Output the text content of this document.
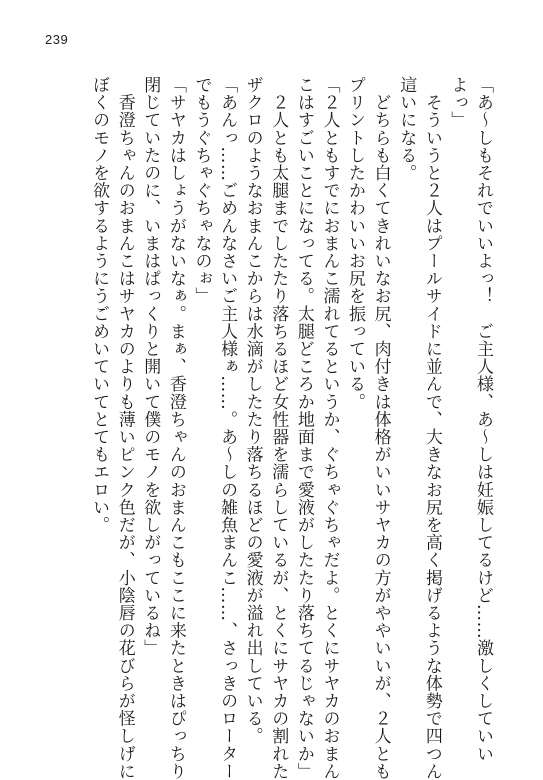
239
「あ～しもそれでいいよっ！　ご主人様、あ～しは妊娠してるけど……激しくしていい
よっ」
　そういうと２人はプールサイドに並んで、大きなお尻を高く掲げるような体勢で四つん
這いになる。
　どちらも白くてきれいなお尻、肉付きは体格がいいサヤカの方がややいいが、２人とも
プリントしたかわいいお尻を振っている。
「２人ともすでにおまんこ濡れてるというか、ぐちゃぐちゃだよ。とくにサヤカのおまん
こはすごいことになってる。太腿どころか地面まで愛液がしたたり落ちてるじゃないか」
　２人とも太腿までしたたり落ちるほど女性器を濡らしているが、とくにサヤカの割れた
ザクロのようなおまんこからは水滴がしたたり落ちるほどの愛液が溢れ出している。
「あんっ……ごめんなさいご主人様ぁ……。あ～しの雑魚まんこ……、さっきのローター
でもうぐちゃぐちゃなのぉ」
「サヤカはしょうがないなぁ。まぁ、香澄ちゃんのおまんこもここに来たときはぴっちり
閉じていたのに、いまはぱっくりと開いて僕のモノを欲しがっているね」
　香澄ちゃんのおまんこはサヤカのよりも薄いピンク色だが、小陰唇の花びらが怪しげに
ぼくのモノを欲するようにうごめいていてとてもエロい。
